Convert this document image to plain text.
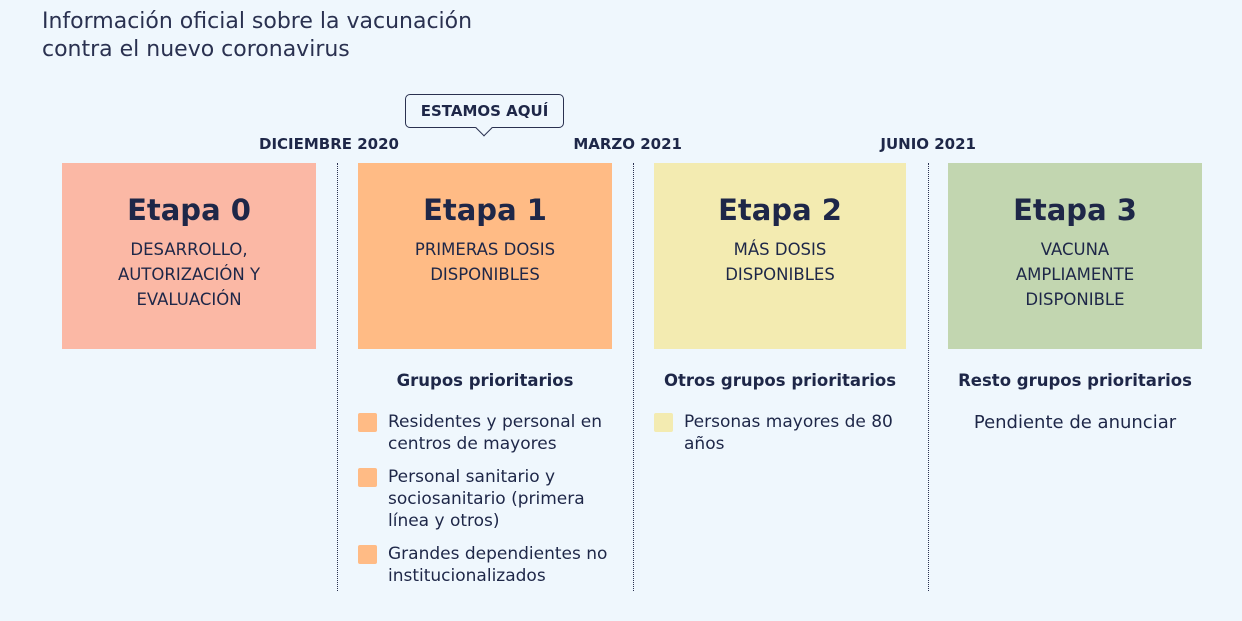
Información oficial sobre la vacunación
contra el nuevo coronavirus
ESTAMOS AQUÍ
DICIEMBRE 2020	MARZO 2021	JUNIO 2021
Etapa 0

DESARROLLO,

AUTORIZACIÓN Y

EVALUACIÓN

Etapa 1

PRIMERAS DOSIS

DISPONIBLES

Grupos prioritarios
Residentes y personal en centros de mayores
Personal sanitario y sociosanitario (primera línea y otros)
Grandes dependientes no institucionalizados
Etapa 2

MÁS DOSIS

DISPONIBLES

Otros grupos prioritarios
Personas mayores de 80 años
Etapa 3

VACUNA

AMPLIAMENTE

DISPONIBLE

Resto grupos prioritarios
Pendiente de anunciar
